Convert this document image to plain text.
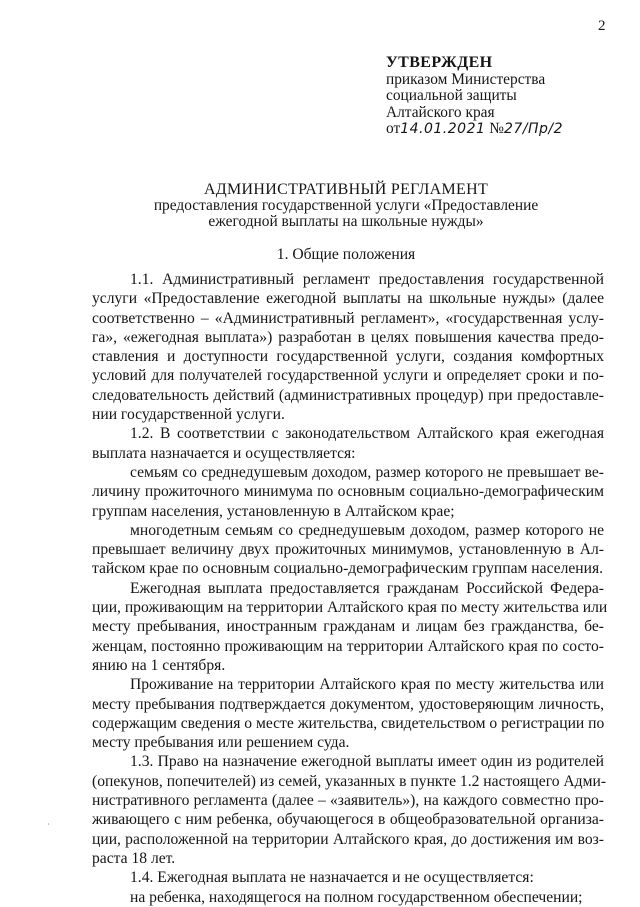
2
УТВЕРЖДЕН
приказом Министерства
социальной защиты
Алтайского края
от14.01.2021 №27/Пр/2
АДМИНИСТРАТИВНЫЙ РЕГЛАМЕНТ
предоставления государственной услуги «Предоставление
ежегодной выплаты на школьные нужды»
1. Общие положения
1.1. Административный регламент предоставления государственной
услуги «Предоставление ежегодной выплаты на школьные нужды» (далее
соответственно – «Административный регламент», «государственная услу-
га», «ежегодная выплата») разработан в целях повышения качества предо-
ставления и доступности государственной услуги, создания комфортных
условий для получателей государственной услуги и определяет сроки и по-
следовательность действий (административных процедур) при предоставле-
нии государственной услуги.
1.2. В соответствии с законодательством Алтайского края ежегодная
выплата назначается и осуществляется:
семьям со среднедушевым доходом, размер которого не превышает ве-
личину прожиточного минимума по основным социально-демографическим
группам населения, установленную в Алтайском крае;
многодетным семьям со среднедушевым доходом, размер которого не
превышает величину двух прожиточных минимумов, установленную в Ал-
тайском крае по основным социально-демографическим группам населения.
Ежегодная выплата предоставляется гражданам Российской Федера-
ции, проживающим на территории Алтайского края по месту жительства или
месту пребывания, иностранным гражданам и лицам без гражданства, бе-
женцам, постоянно проживающим на территории Алтайского края по состо-
янию на 1 сентября.
Проживание на территории Алтайского края по месту жительства или
месту пребывания подтверждается документом, удостоверяющим личность,
содержащим сведения о месте жительства, свидетельством о регистрации по
месту пребывания или решением суда.
1.3. Право на назначение ежегодной выплаты имеет один из родителей
(опекунов, попечителей) из семей, указанных в пункте 1.2 настоящего Адми-
нистративного регламента (далее – «заявитель»), на каждого совместно про-
живающего с ним ребенка, обучающегося в общеобразовательной организа-
ции, расположенной на территории Алтайского края, до достижения им воз-
раста 18 лет.
1.4. Ежегодная выплата не назначается и не осуществляется:
на ребенка, находящегося на полном государственном обеспечении;
·
